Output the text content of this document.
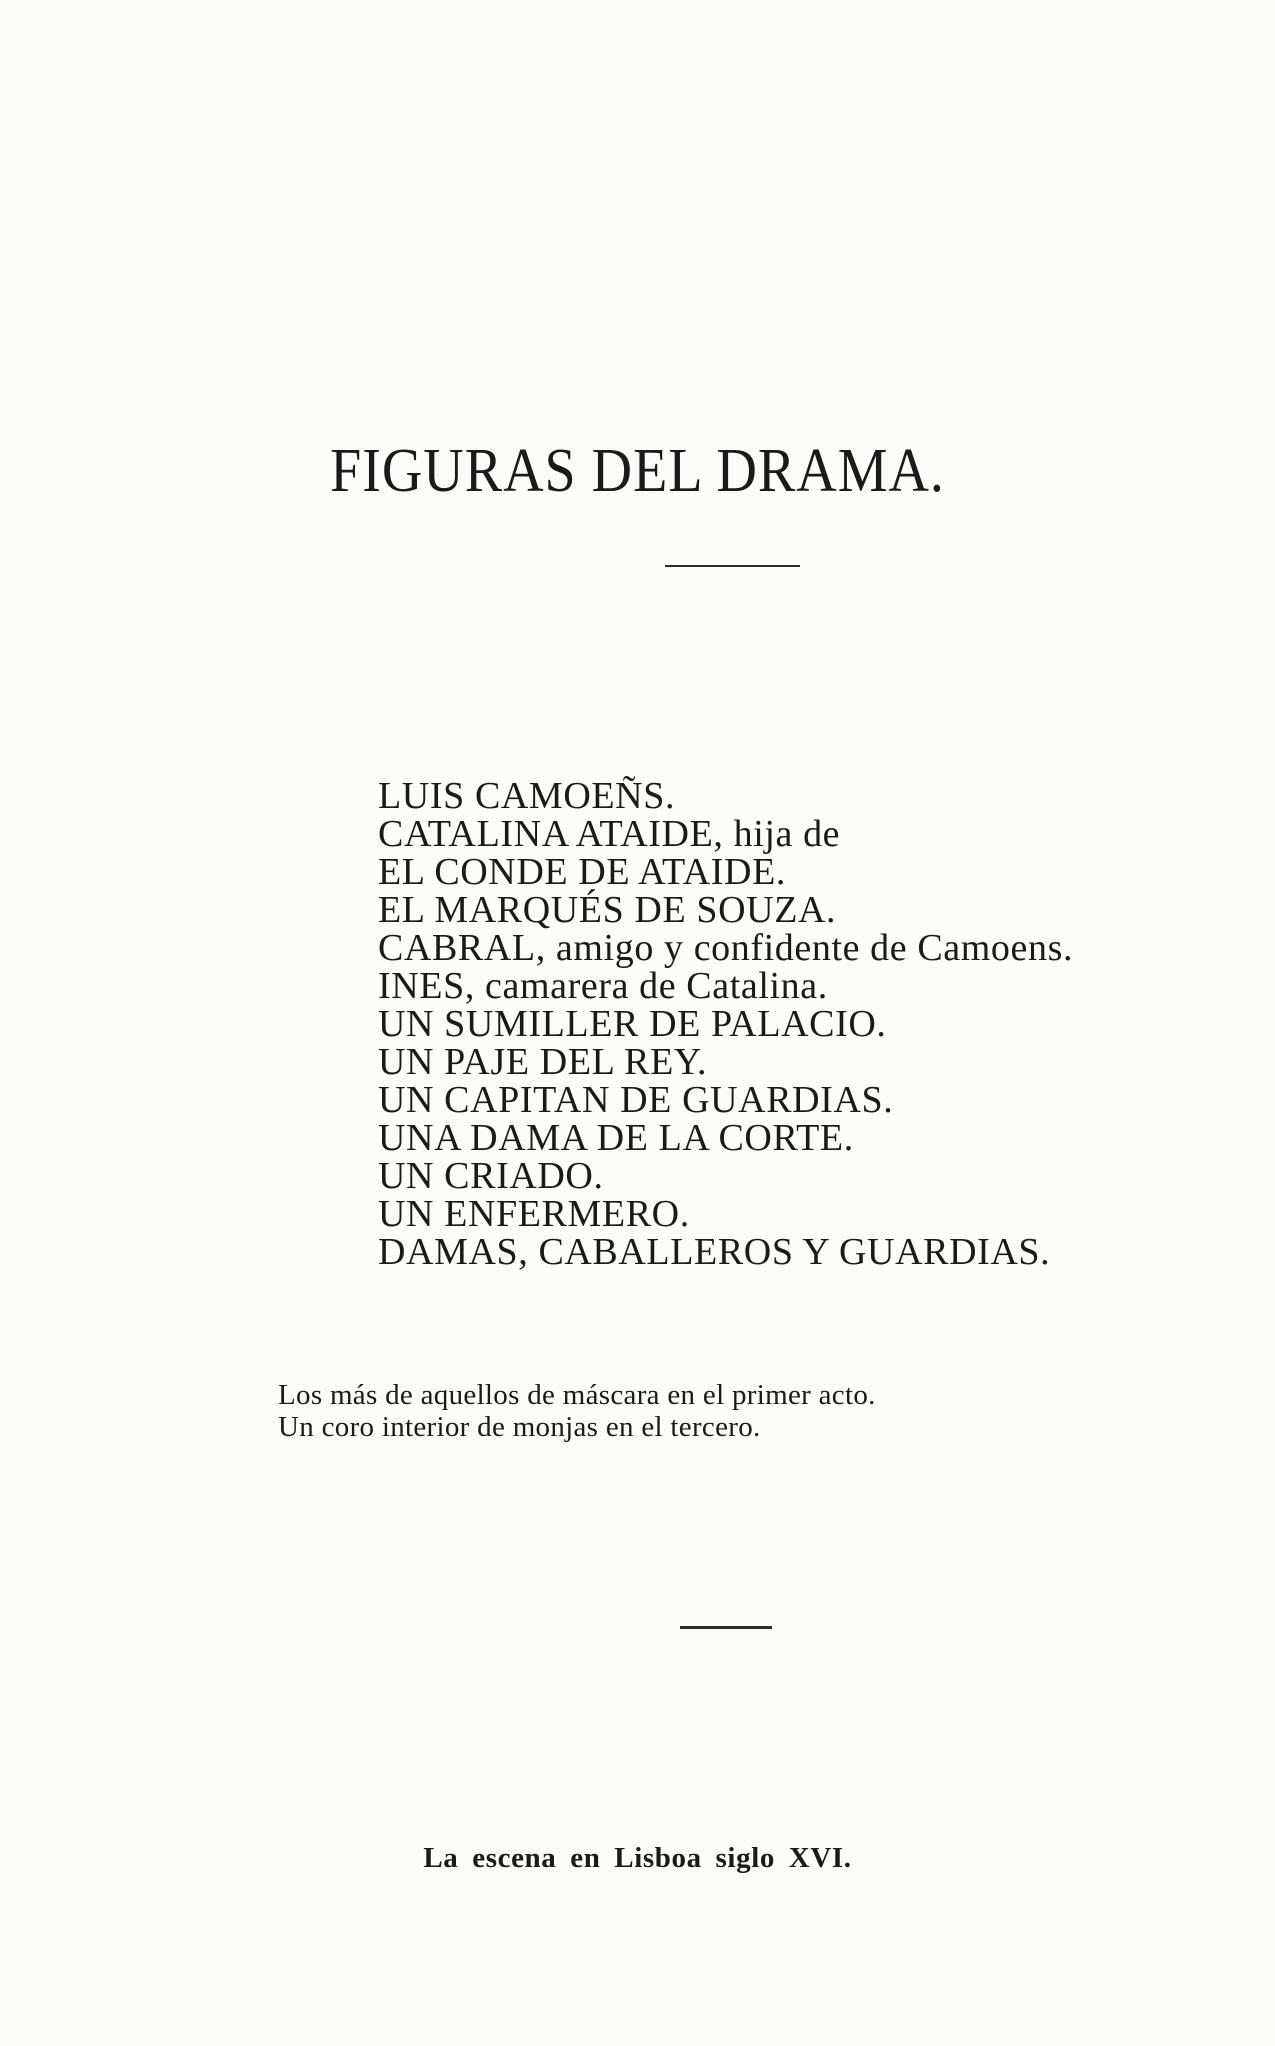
FIGURAS DEL DRAMA.
LUIS CAMOEÑS.
CATALINA ATAIDE, hija de
EL CONDE DE ATAIDE.
EL MARQUÉS DE SOUZA.
CABRAL, amigo y confidente de Camoens.
INES, camarera de Catalina.
UN SUMILLER DE PALACIO.
UN PAJE DEL REY.
UN CAPITAN DE GUARDIAS.
UNA DAMA DE LA CORTE.
UN CRIADO.
UN ENFERMERO.
DAMAS, CABALLEROS Y GUARDIAS.
Los más de aquellos de máscara en el primer acto.
Un coro interior de monjas en el tercero.
La escena en Lisboa siglo XVI.
